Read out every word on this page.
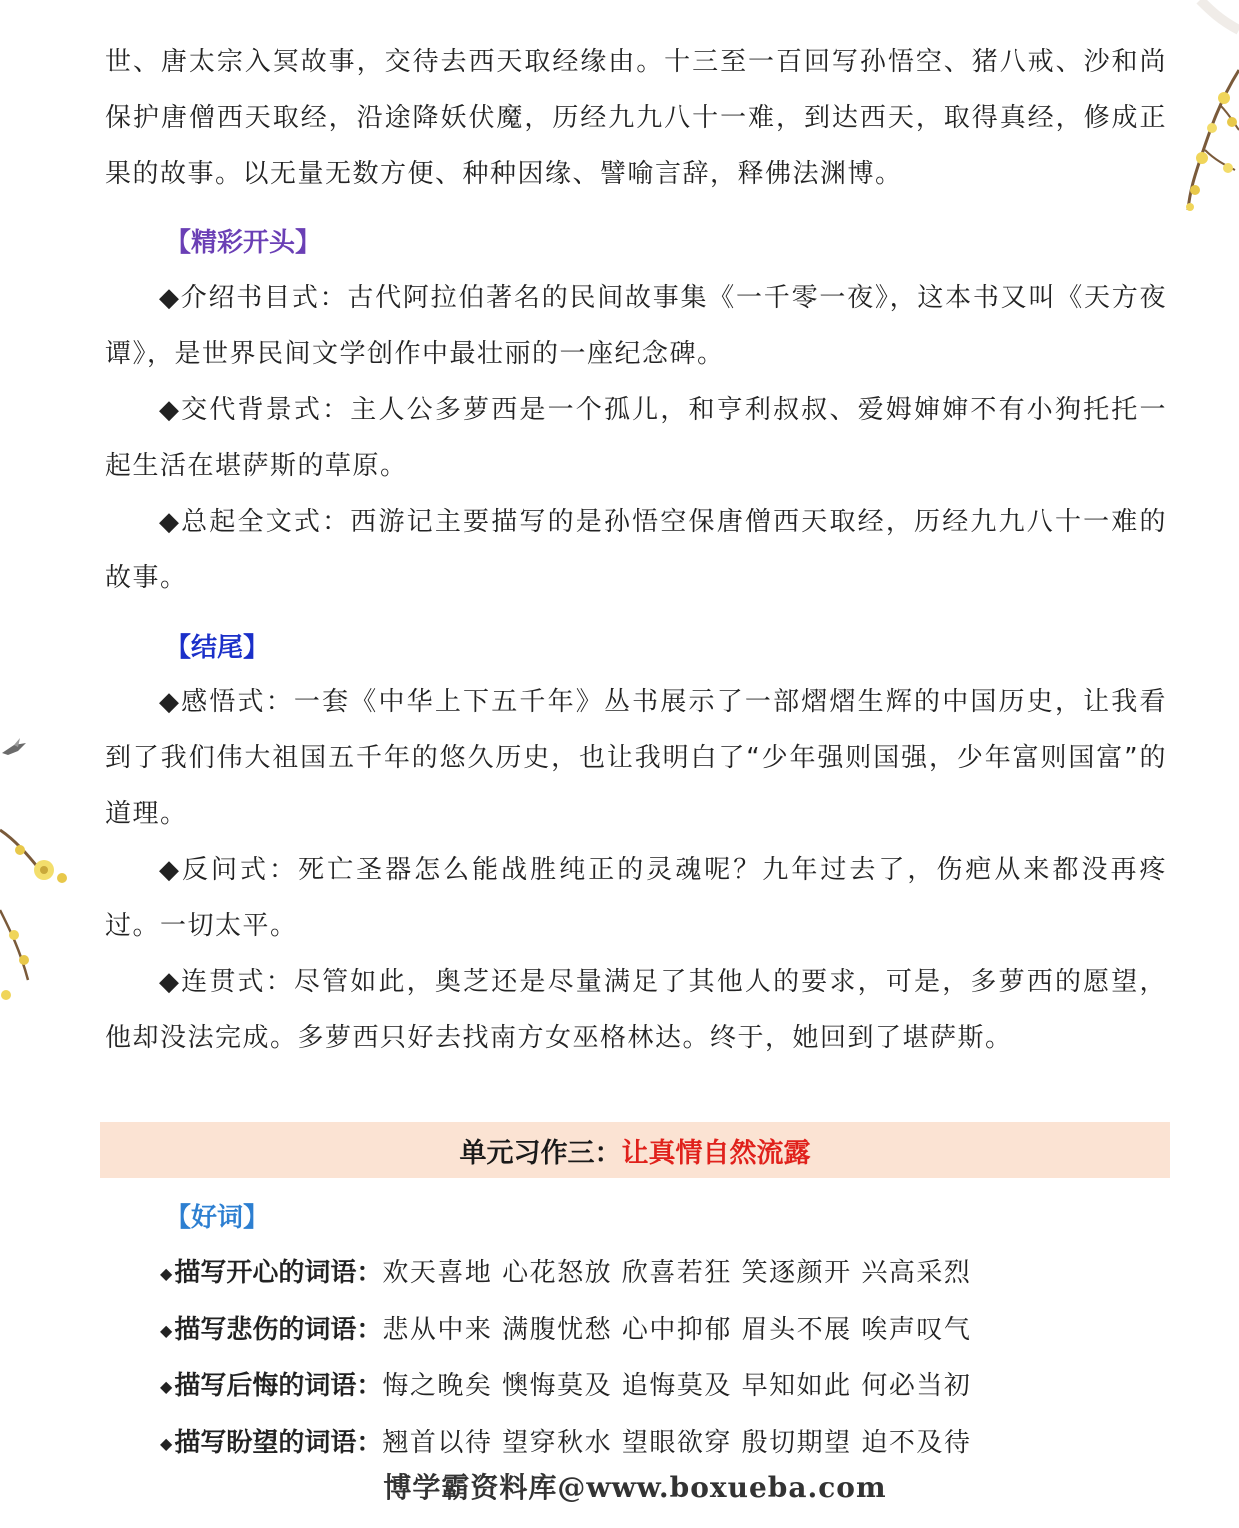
世、唐太宗入冥故事，交待去西天取经缘由。十三至一百回写孙悟空、猪八戒、沙和尚保护唐僧西天取经，沿途降妖伏魔，历经九九八十一难，到达西天，取得真经，修成正果的故事。以无量无数方便、种种因缘、譬喻言辞，释佛法渊博。

【精彩开头】

◆介绍书目式：古代阿拉伯著名的民间故事集《一千零一夜》，这本书又叫《天方夜谭》，是世界民间文学创作中最壮丽的一座纪念碑。

◆交代背景式：主人公多萝西是一个孤儿，和亨利叔叔、爱姆婶婶不有小狗托托一起生活在堪萨斯的草原。

◆总起全文式：西游记主要描写的是孙悟空保唐僧西天取经，历经九九八十一难的故事。

【结尾】

◆感悟式：一套《中华上下五千年》丛书展示了一部熠熠生辉的中国历史，让我看到了我们伟大祖国五千年的悠久历史，也让我明白了“少年强则国强，少年富则国富”的道理。

◆反问式：死亡圣器怎么能战胜纯正的灵魂呢？九年过去了，伤疤从来都没再疼过。一切太平。

◆连贯式：尽管如此，奥芝还是尽量满足了其他人的要求，可是，多萝西的愿望，他却没法完成。多萝西只好去找南方女巫格林达。终于，她回到了堪萨斯。

单元习作三： 让真情自然流露
【好词】
◆描写开心的词语：欢天喜地 心花怒放 欣喜若狂 笑逐颜开 兴高采烈
◆描写悲伤的词语：悲从中来 满腹忧愁 心中抑郁 眉头不展 唉声叹气
◆描写后悔的词语：悔之晚矣 懊悔莫及 追悔莫及 早知如此 何必当初
◆描写盼望的词语：翘首以待 望穿秋水 望眼欲穿 殷切期望 迫不及待
博学霸资料库@www.boxueba.com
